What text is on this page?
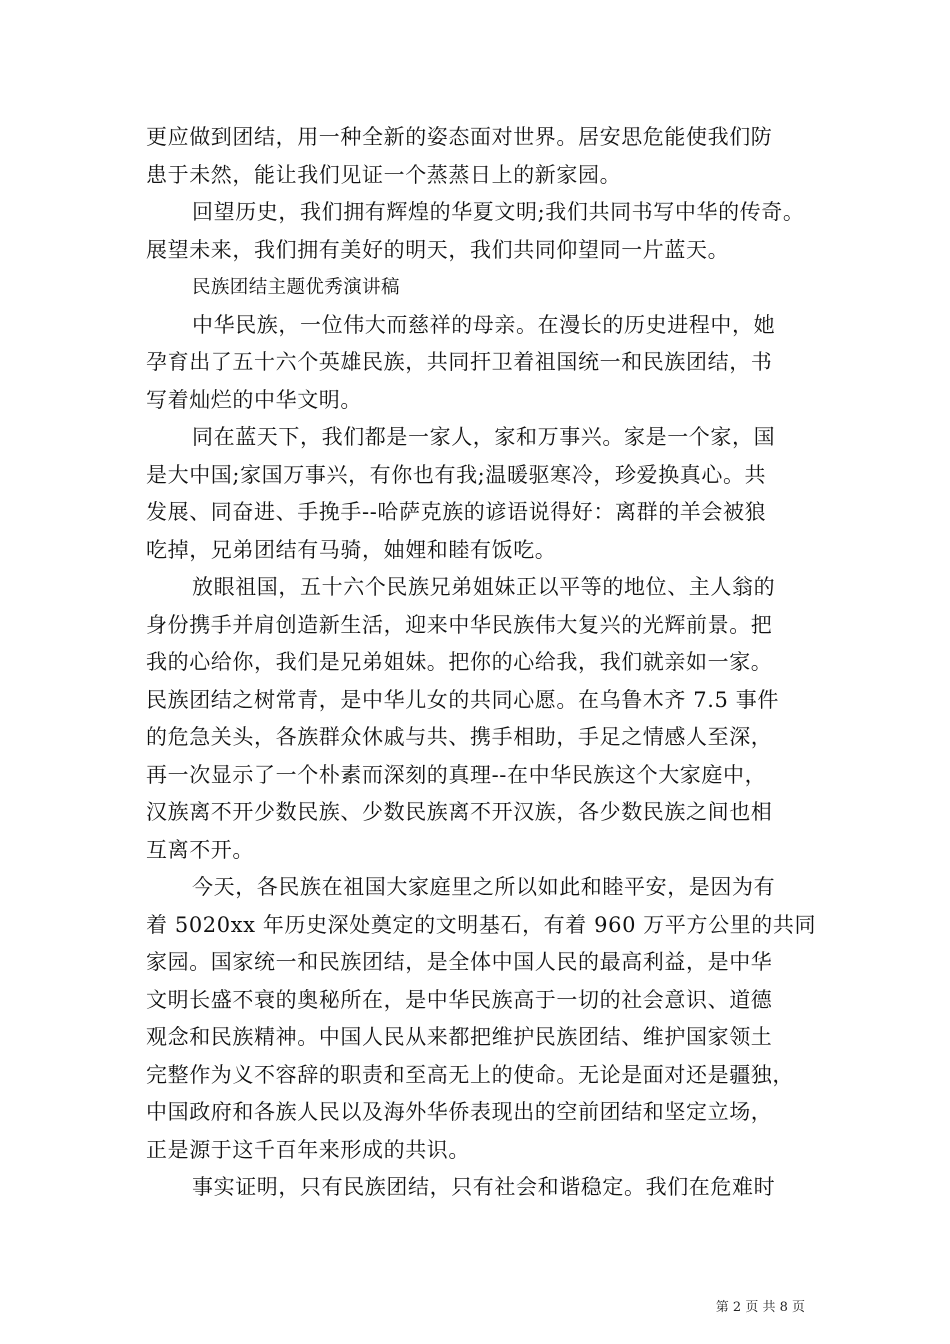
更应做到团结，用一种全新的姿态面对世界。居安思危能使我们防
患于未然，能让我们见证一个蒸蒸日上的新家园。
回望历史，我们拥有辉煌的华夏文明;我们共同书写中华的传奇。
展望未来，我们拥有美好的明天，我们共同仰望同一片蓝天。
民族团结主题优秀演讲稿
中华民族，一位伟大而慈祥的母亲。在漫长的历史进程中，她
孕育出了五十六个英雄民族，共同扞卫着祖国统一和民族团结，书
写着灿烂的中华文明。
同在蓝天下，我们都是一家人，家和万事兴。家是一个家，国
是大中国;家国万事兴，有你也有我;温暖驱寒冷，珍爱换真心。共
发展、同奋进、手挽手--哈萨克族的谚语说得好：离群的羊会被狼
吃掉，兄弟团结有马骑，妯娌和睦有饭吃。
放眼祖国，五十六个民族兄弟姐妹正以平等的地位、主人翁的
身份携手并肩创造新生活，迎来中华民族伟大复兴的光辉前景。把
我的心给你，我们是兄弟姐妹。把你的心给我，我们就亲如一家。
民族团结之树常青，是中华儿女的共同心愿。在乌鲁木齐 7.5 事件
的危急关头，各族群众休戚与共、携手相助，手足之情感人至深，
再一次显示了一个朴素而深刻的真理--在中华民族这个大家庭中，
汉族离不开少数民族、少数民族离不开汉族，各少数民族之间也相
互离不开。
今天，各民族在祖国大家庭里之所以如此和睦平安，是因为有
着 5020xx 年历史深处奠定的文明基石，有着 960 万平方公里的共同
家园。国家统一和民族团结，是全体中国人民的最高利益，是中华
文明长盛不衰的奥秘所在，是中华民族高于一切的社会意识、道德
观念和民族精神。中国人民从来都把维护民族团结、维护国家领土
完整作为义不容辞的职责和至高无上的使命。无论是面对还是疆独，
中国政府和各族人民以及海外华侨表现出的空前团结和坚定立场，
正是源于这千百年来形成的共识。
事实证明，只有民族团结，只有社会和谐稳定。我们在危难时
第 2 页 共 8 页
